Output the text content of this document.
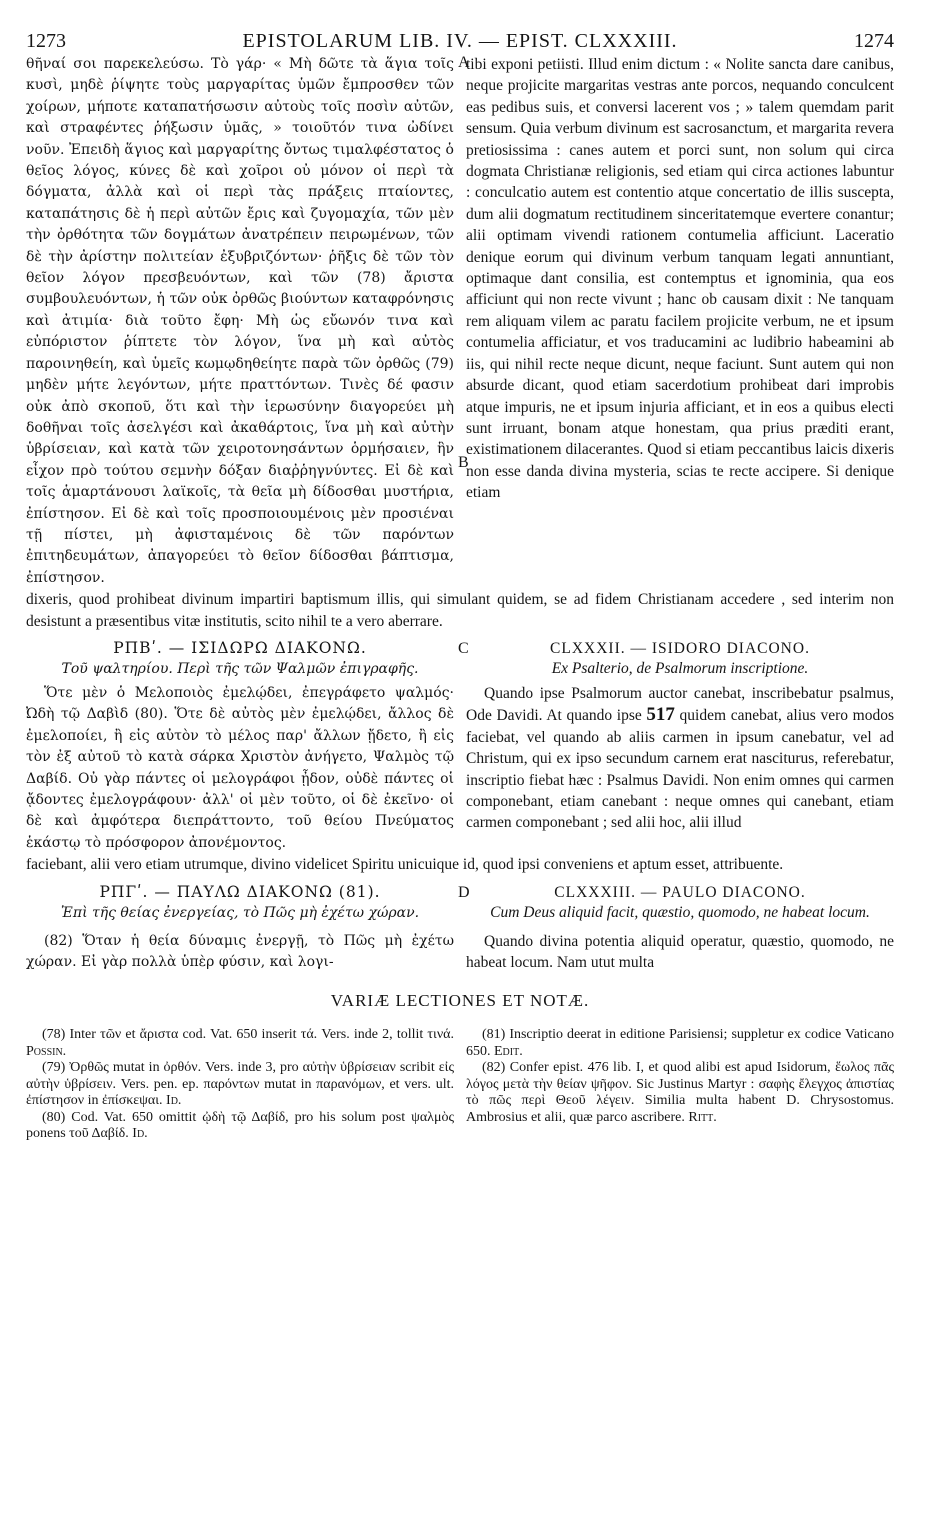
1273	EPISTOLARUM LIB. IV. — EPIST. CLXXXIII.	1274
A
B

θῆναί σοι παρεκελεύσω. Τὸ γάρ· « Μὴ δῶτε τὰ ἅγια τοῖς κυσὶ, μηδὲ ῥίψητε τοὺς μαργαρίτας ὑμῶν ἔμπροσθεν τῶν χοίρων, μήποτε καταπατήσωσιν αὐτοὺς τοῖς ποσὶν αὐτῶν, καὶ στραφέντες ῥήξωσιν ὑμᾶς, » τοιοῦτόν τινα ὠδίνει νοῦν. Ἐπειδὴ ἅγιος καὶ μαργαρίτης ὄντως τιμαλφέστατος ὁ θεῖος λόγος, κύνες δὲ καὶ χοῖροι οὐ μόνον οἱ περὶ τὰ δόγματα, ἀλλὰ καὶ οἱ περὶ τὰς πράξεις πταίοντες, καταπάτησις δὲ ἡ περὶ αὐτῶν ἔρις καὶ ζυγομαχία, τῶν μὲν τὴν ὀρθότητα τῶν δογμάτων ἀνατρέπειν πειρωμένων, τῶν δὲ τὴν ἀρίστην πολιτείαν ἐξυβριζόντων· ῥῆξις δὲ τῶν τὸν θεῖον λόγον πρεσβευόντων, καὶ τῶν (78) ἄριστα συμβουλευόντων, ἡ τῶν οὐκ ὀρθῶς βιούντων καταφρόνησις καὶ ἀτιμία· διὰ τοῦτο ἔφη· Μὴ ὡς εὔωνόν τινα καὶ εὐπόριστον ῥίπτετε τὸν λόγον, ἵνα μὴ καὶ αὐτὸς παροινηθείη, καὶ ὑμεῖς κωμῳδηθείητε παρὰ τῶν ὀρθῶς (79) μηδὲν μήτε λεγόντων, μήτε πραττόντων. Τινὲς δέ φασιν οὐκ ἀπὸ σκοποῦ, ὅτι καὶ τὴν ἱερωσύνην διαγορεύει μὴ δοθῆναι τοῖς ἀσελγέσι καὶ ἀκαθάρτοις, ἵνα μὴ καὶ αὐτὴν ὑβρίσειαν, καὶ κατὰ τῶν χειροτονησάντων ὁρμήσαιεν, ἣν εἶχον πρὸ τούτου σεμνὴν δόξαν διαῤῥηγνύντες. Εἰ δὲ καὶ τοῖς ἁμαρτάνουσι λαϊκοῖς, τὰ θεῖα μὴ δίδοσθαι μυστήρια, ἐπίστησον. Εἰ δὲ καὶ τοῖς προσποιουμένοις μὲν προσιέναι τῇ πίστει, μὴ ἀφισταμένοις δὲ τῶν παρόντων ἐπιτηδευμάτων, ἀπαγορεύει τὸ θεῖον δίδοσθαι βάπτισμα, ἐπίστησον.

tibi exponi petiisti. Illud enim dictum : « Nolite sancta dare canibus, neque projicite margaritas vestras ante porcos, nequando conculcent eas pedibus suis, et conversi lacerent vos ; » talem quemdam parit sensum. Quia verbum divinum est sacrosanctum, et margarita revera pretiosissima : canes autem et porci sunt, non solum qui circa dogmata Christianæ religionis, sed etiam qui circa actiones labuntur : conculcatio autem est contentio atque concertatio de illis suscepta, dum alii dogmatum rectitudinem sinceritatemque evertere conantur; alii optimam vivendi rationem contumelia afficiunt. Laceratio denique eorum qui divinum verbum tanquam legati annuntiant, optimaque dant consilia, est contemptus et ignominia, qua eos afficiunt qui non recte vivunt ; hanc ob causam dixit : Ne tanquam rem aliquam vilem ac paratu facilem projicite verbum, ne et ipsum contumelia afficiatur, et vos traducamini ac ludibrio habeamini ab iis, qui nihil recte neque dicunt, neque faciunt. Sunt autem qui non absurde dicant, quod etiam sacerdotium prohibeat dari improbis atque impuris, ne et ipsum injuria afficiant, et in eos a quibus electi sunt irruant, bonam atque honestam, qua prius præditi erant, existimationem dilacerantes. Quod si etiam peccantibus laicis dixeris non esse danda divina mysteria, scias te recte accipere. Si denique etiam

dixeris, quod prohibeat divinum impartiri baptismum illis, qui simulant quidem, se ad fidem Christianam accedere , sed interim non desistunt a præsentibus vitæ institutis, scito nihil te a vero aberrare.

C
ΡΠΒʹ. — ΙΣΙΔΩΡΩ ΔΙΑΚΟΝΩ.
Τοῦ ψαλτηρίου. Περὶ τῆς τῶν Ψαλμῶν ἐπιγραφῆς.

Ὅτε μὲν ὁ Μελοποιὸς ἐμελῴδει, ἐπεγράφετο ψαλμός· Ὠδὴ τῷ Δαβὶδ (80). Ὅτε δὲ αὐτὸς μὲν ἐμελῴδει, ἄλλος δὲ ἐμελοποίει, ἢ εἰς αὐτὸν τὸ μέλος παρ' ἄλλων ᾔδετο, ἢ εἰς τὸν ἐξ αὐτοῦ τὸ κατὰ σάρκα Χριστὸν ἀνήγετο, Ψαλμὸς τῷ Δαβίδ. Οὐ γὰρ πάντες οἱ μελογράφοι ᾖδον, οὐδὲ πάντες οἱ ᾄδοντες ἐμελογράφουν· ἀλλ' οἱ μὲν τοῦτο, οἱ δὲ ἐκεῖνο· οἱ δὲ καὶ ἀμφότερα διεπράττοντο, τοῦ θείου Πνεύματος ἑκάστῳ τὸ πρόσφορον ἀπονέμοντος.

CLXXXII. — ISIDORO DIACONO.
Ex Psalterio, de Psalmorum inscriptione.

Quando ipse Psalmorum auctor canebat, inscribebatur psalmus, Ode Davidi. At quando ipse 517 quidem canebat, alius vero modos faciebat, vel quando ab aliis carmen in ipsum canebatur, vel ad Christum, qui ex ipso secundum carnem erat nasciturus, referebatur, inscriptio fiebat hæc : Psalmus Davidi. Non enim omnes qui carmen componebant, etiam canebant : neque omnes qui canebant, etiam carmen componebant ; sed alii hoc, alii illud

faciebant, alii vero etiam utrumque, divino videlicet Spiritu unicuique id, quod ipsi conveniens et aptum esset, attribuente.

D
ΡΠΓʹ. — ΠΑΥΛΩ ΔΙΑΚΟΝΩ (81).
Ἐπὶ τῆς θείας ἐνεργείας, τὸ Πῶς μὴ ἐχέτω χώραν.

(82) Ὅταν ἡ θεία δύναμις ἐνεργῇ, τὸ Πῶς μὴ ἐχέτω χώραν. Εἰ γὰρ πολλὰ ὑπὲρ φύσιν, καὶ λογι-

CLXXXIII. — PAULO DIACONO.
Cum Deus aliquid facit, quæstio, quomodo, ne habeat locum.

Quando divina potentia aliquid operatur, quæstio, quomodo, ne habeat locum. Nam utut multa

VARIÆ LECTIONES ET NOTÆ.

(78) Inter τῶν et ἄριστα cod. Vat. 650 inserit τά. Vers. inde 2, tollit τινά. Possin.

(79) Ὀρθῶς mutat in ὀρθόν. Vers. inde 3, pro αὐτὴν ὑβρίσειαν scribit εἰς αὐτὴν ὑβρίσειν. Vers. pen. ep. παρόντων mutat in παρανόμων, et vers. ult. ἐπίστησον in ἐπίσκεψαι. Id.

(80) Cod. Vat. 650 omittit ᾠδὴ τῷ Δαβίδ, pro his solum post ψαλμὸς ponens τοῦ Δαβίδ. Id.

(81) Inscriptio deerat in editione Parisiensi; suppletur ex codice Vaticano 650. Edit.

(82) Confer epist. 476 lib. I, et quod alibi est apud Isidorum, ἕωλος πᾶς λόγος μετὰ τὴν θείαν ψῆφον. Sic Justinus Martyr : σαφὴς ἔλεγχος ἀπιστίας τὸ πῶς περὶ Θεοῦ λέγειν. Similia multa habent D. Chrysostomus. Ambrosius et alii, quæ parco ascribere. Ritt.
